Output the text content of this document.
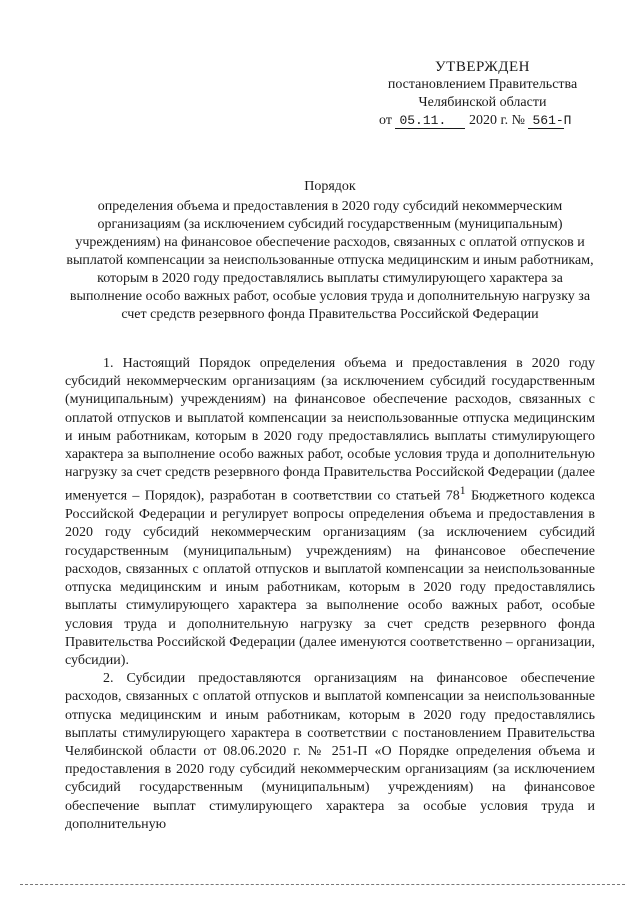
УТВЕРЖДЕН
постановлением Правительства
Челябинской области
от 05.11. 2020 г. № 561-П
Порядок
определения объема и предоставления в 2020 году субсидий некоммерческим организациям (за исключением субсидий государственным (муниципальным) учреждениям) на финансовое обеспечение расходов, связанных с оплатой отпусков и выплатой компенсации за неиспользованные отпуска медицинским и иным работникам, которым в 2020 году предоставлялись выплаты стимулирующего характера за выполнение особо важных работ, особые условия труда и дополнительную нагрузку за счет средств резервного фонда Правительства Российской Федерации

1. Настоящий Порядок определения объема и предоставления в 2020 году субсидий некоммерческим организациям (за исключением субсидий государственным (муниципальным) учреждениям) на финансовое обеспечение расходов, связанных с оплатой отпусков и выплатой компенсации за неиспользованные отпуска медицинским и иным работникам, которым в 2020 году предоставлялись выплаты стимулирующего характера за выполнение особо важных работ, особые условия труда и дополнительную нагрузку за счет средств резервного фонда Правительства Российской Федерации (далее именуется – Порядок), разработан в соответствии со статьей $78^1$ Бюджетного кодекса Российской Федерации и регулирует вопросы определения объема и предоставления в 2020 году субсидий некоммерческим организациям (за исключением субсидий государственным (муниципальным) учреждениям) на финансовое обеспечение расходов, связанных с оплатой отпусков и выплатой компенсации за неиспользованные отпуска медицинским и иным работникам, которым в 2020 году предоставлялись выплаты стимулирующего характера за выполнение особо важных работ, особые условия труда и дополнительную нагрузку за счет средств резервного фонда Правительства Российской Федерации (далее именуются соответственно – организации, субсидии).

2. Субсидии предоставляются организациям на финансовое обеспечение расходов, связанных с оплатой отпусков и выплатой компенсации за неиспользованные отпуска медицинским и иным работникам, которым в 2020 году предоставлялись выплаты стимулирующего характера в соответствии с постановлением Правительства Челябинской области от 08.06.2020 г. № 251-П «О Порядке определения объема и предоставления в 2020 году субсидий некоммерческим организациям (за исключением субсидий государственным (муниципальным) учреждениям) на финансовое обеспечение выплат стимулирующего характера за особые условия труда и дополнительную
